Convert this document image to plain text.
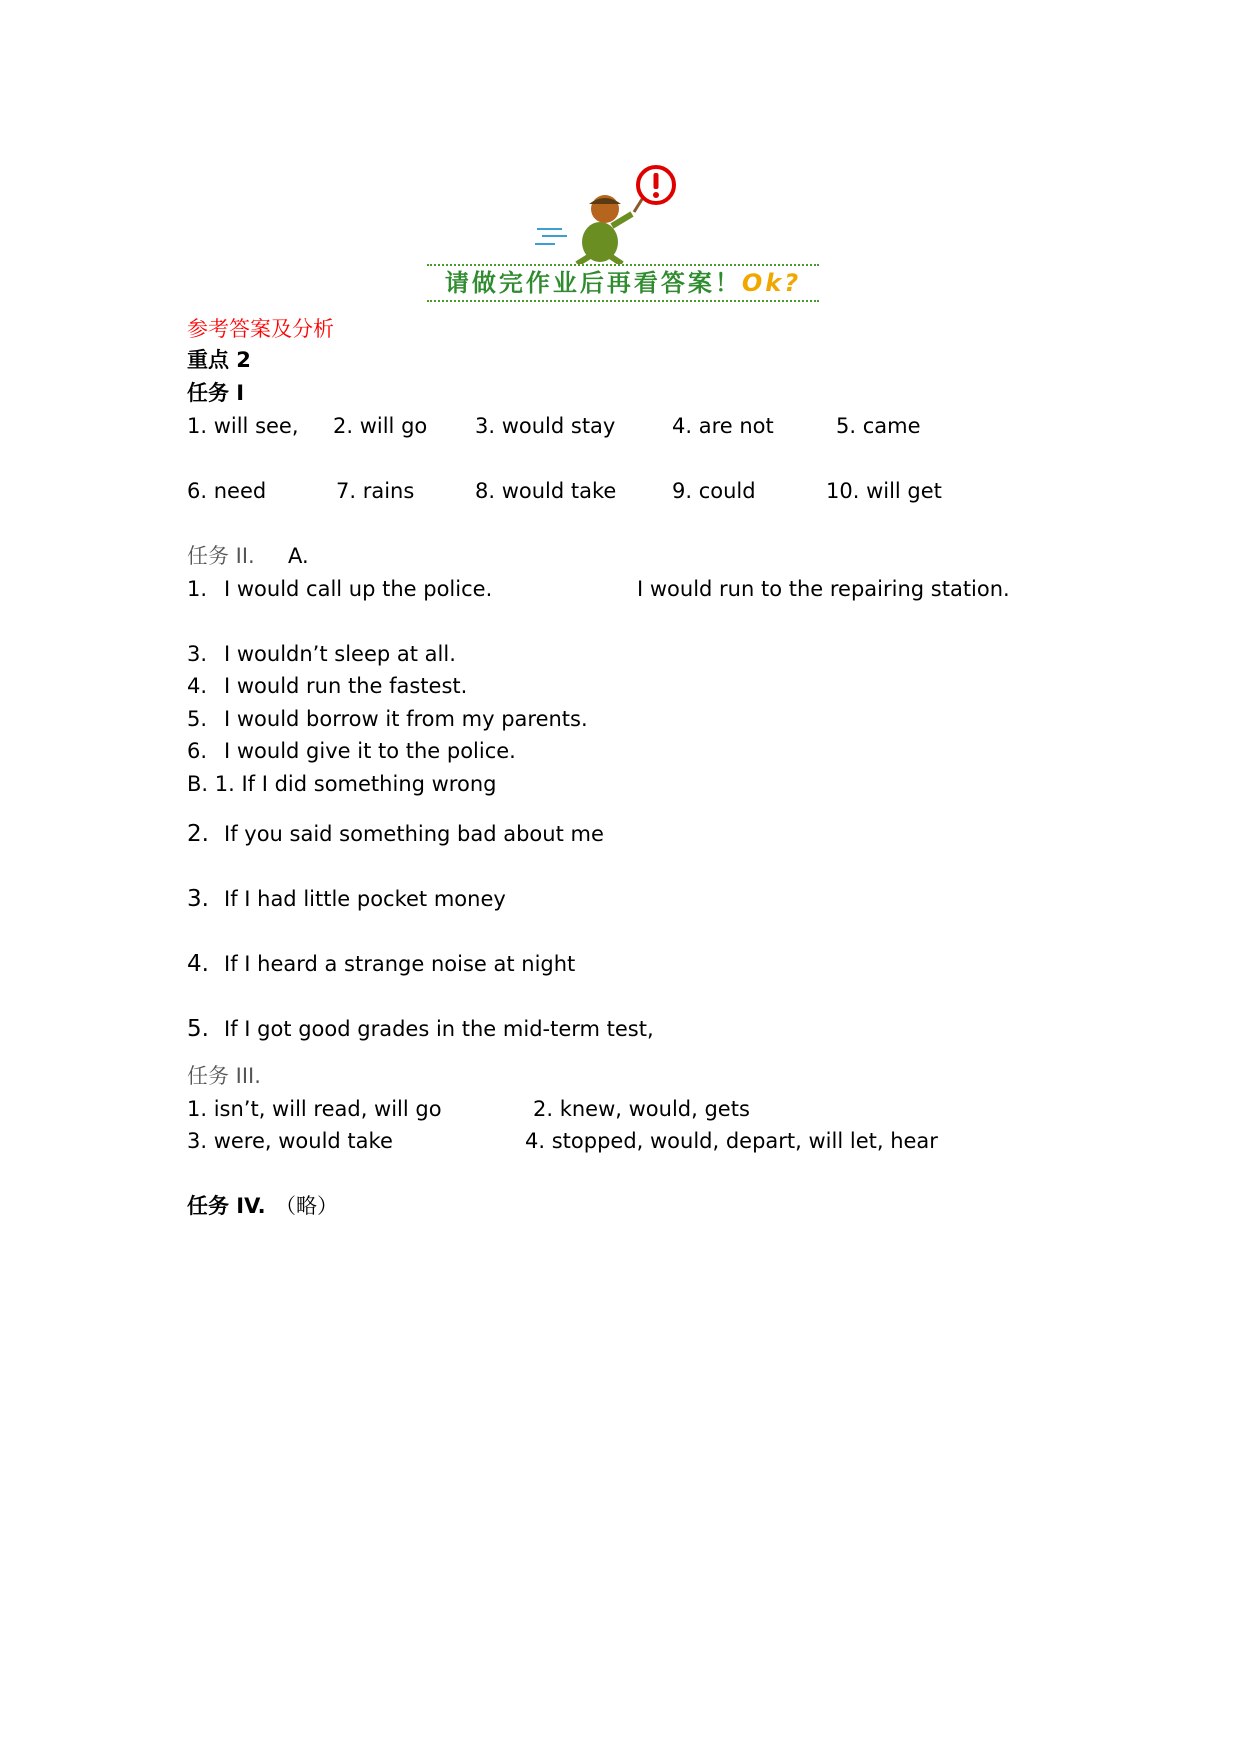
请做完作业后再看答案！Ok?
参考答案及分析
重点 2
任务 I
1. will see, 2. will go 3. would stay	4. are not	5. came
6. need	7. rains	8. would take	9. could	10. will get
任务 II. A.
1. I would call up the police.	I would run to the repairing station.
3. I wouldn’t sleep at all.
4. I would run the fastest.
5. I would borrow it from my parents.
6. I would give it to the police.
B. 1. If I did something wrong
2. If you said something bad about me
3. If I had little pocket money
4. If I heard a strange noise at night
5. If I got good grades in the mid-term test,
任务 III.
1. isn’t, will read, will go	2. knew, would, gets
3. were, would take	4. stopped, would, depart, will let, hear
任务 IV. （略）
